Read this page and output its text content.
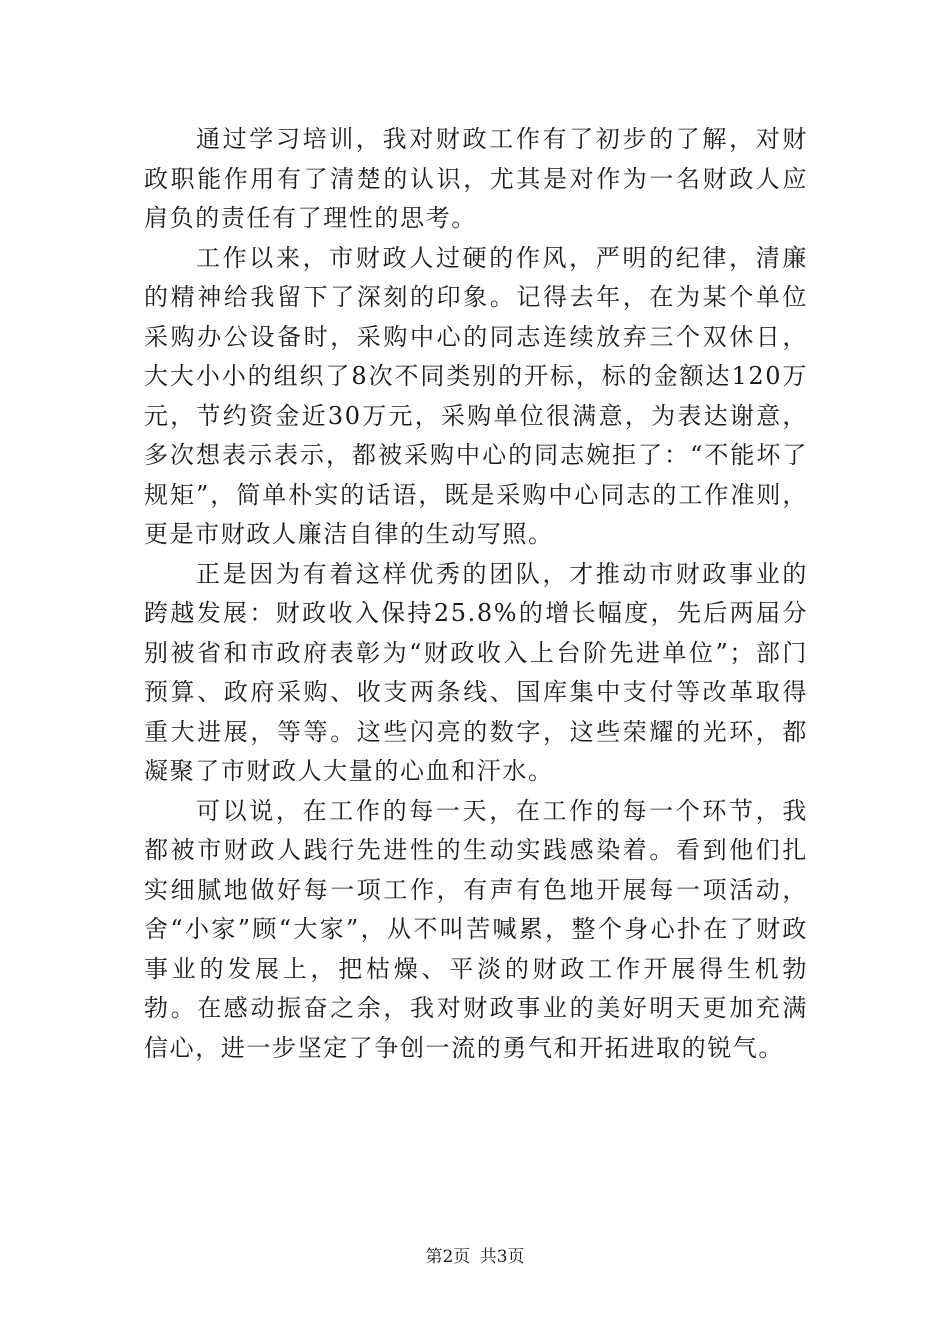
通过学习培训，我对财政工作有了初步的了解，对财政职能作用有了清楚的认识，尤其是对作为一名财政人应肩负的责任有了理性的思考。

工作以来，市财政人过硬的作风，严明的纪律，清廉的精神给我留下了深刻的印象。记得去年，在为某个单位采购办公设备时，采购中心的同志连续放弃三个双休日，大大小小的组织了8次不同类别的开标，标的金额达120万元，节约资金近30万元，采购单位很满意，为表达谢意，多次想表示表示，都被采购中心的同志婉拒了：“不能坏了规矩”，简单朴实的话语，既是采购中心同志的工作准则，更是市财政人廉洁自律的生动写照。

正是因为有着这样优秀的团队，才推动市财政事业的跨越发展：财政收入保持25.8%的增长幅度，先后两届分别被省和市政府表彰为“财政收入上台阶先进单位”；部门预算、政府采购、收支两条线、国库集中支付等改革取得重大进展，等等。这些闪亮的数字，这些荣耀的光环，都凝聚了市财政人大量的心血和汗水。

可以说，在工作的每一天，在工作的每一个环节，我都被市财政人践行先进性的生动实践感染着。看到他们扎实细腻地做好每一项工作，有声有色地开展每一项活动，舍“小家”顾“大家”，从不叫苦喊累，整个身心扑在了财政事业的发展上，把枯燥、平淡的财政工作开展得生机勃勃。在感动振奋之余，我对财政事业的美好明天更加充满信心，进一步坚定了争创一流的勇气和开拓进取的锐气。

第2页 共3页
